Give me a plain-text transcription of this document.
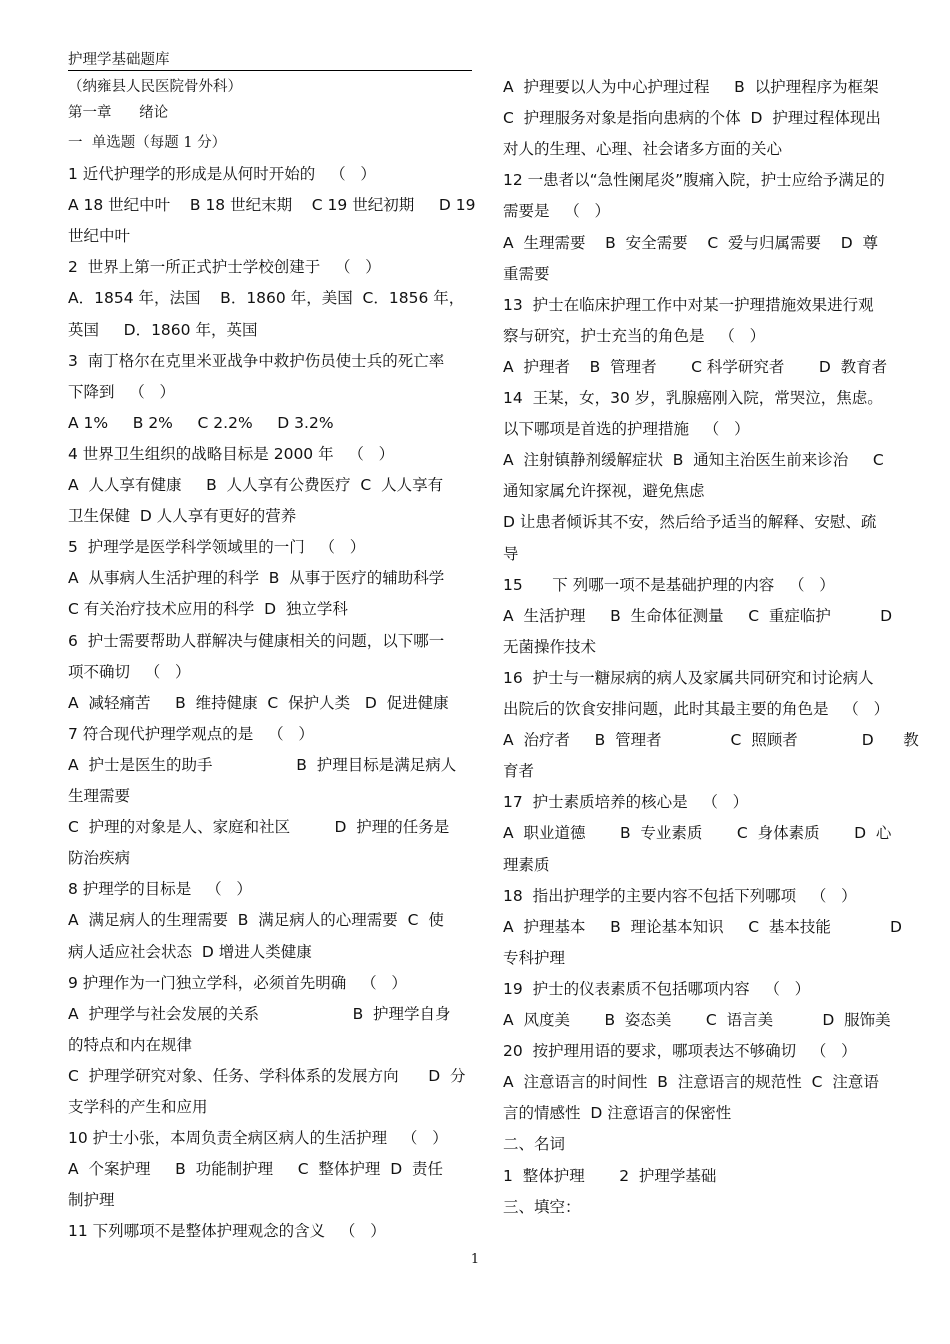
护理学基础题库
（纳雍县人民医院骨外科）
第一章      绪论
一  单选题（每题 1 分）
1 近代护理学的形成是从何时开始的   （   ）
A 18 世纪中叶    B 18 世纪末期    C 19 世纪初期     D 19
世纪中叶
2  世界上第一所正式护士学校创建于   （   ）
A．1854 年，法国    B．1860 年，美国  C．1856 年，
英国     D．1860 年，英国
3  南丁格尔在克里米亚战争中救护伤员使士兵的死亡率
下降到   （   ）
A 1%     B 2%     C 2.2%     D 3.2%
4 世界卫生组织的战略目标是 2000 年   （   ）
A  人人享有健康     B  人人享有公费医疗  C  人人享有
卫生保健  D 人人享有更好的营养
5  护理学是医学科学领域里的一门   （   ）
A  从事病人生活护理的科学  B  从事于医疗的辅助科学
C 有关治疗技术应用的科学  D  独立学科
6  护士需要帮助人群解决与健康相关的问题，以下哪一
项不确切   （   ）
A  减轻痛苦     B  维持健康  C  保护人类   D  促进健康
7 符合现代护理学观点的是   （   ）
A  护士是医生的助手                 B  护理目标是满足病人
生理需要
C  护理的对象是人、家庭和社区         D  护理的任务是
防治疾病
8 护理学的目标是   （   ）
A  满足病人的生理需要  B  满足病人的心理需要  C  使
病人适应社会状态  D 增进人类健康
9 护理作为一门独立学科，必须首先明确   （   ）
A  护理学与社会发展的关系                   B  护理学自身
的特点和内在规律
C  护理学研究对象、任务、学科体系的发展方向      D  分
支学科的产生和应用
10 护士小张，本周负责全病区病人的生活护理   （   ）
A  个案护理     B  功能制护理     C  整体护理  D  责任
制护理
11 下列哪项不是整体护理观念的含义   （   ）
A  护理要以人为中心护理过程     B  以护理程序为框架
C  护理服务对象是指向患病的个体  D  护理过程体现出
对人的生理、心理、社会诸多方面的关心
12 一患者以“急性阑尾炎”腹痛入院，护士应给予满足的
需要是   （   ）
A  生理需要    B  安全需要    C  爱与归属需要    D  尊
重需要
13  护士在临床护理工作中对某一护理措施效果进行观
察与研究，护士充当的角色是   （   ）
A  护理者    B  管理者       C 科学研究者       D  教育者
14  王某，女，30 岁，乳腺癌刚入院，常哭泣，焦虑。
以下哪项是首选的护理措施   （   ）
A  注射镇静剂缓解症状  B  通知主治医生前来诊治     C
通知家属允许探视，避免焦虑
D 让患者倾诉其不安，然后给予适当的解释、安慰、疏
导
15      下 列哪一项不是基础护理的内容   （   ）
A  生活护理     B  生命体征测量     C  重症临护          D
无菌操作技术
16  护士与一糖尿病的病人及家属共同研究和讨论病人
出院后的饮食安排问题，此时其最主要的角色是   （   ）
A  治疗者     B  管理者              C  照顾者             D      教
育者
17  护士素质培养的核心是   （   ）
A  职业道德       B  专业素质       C  身体素质       D  心
理素质
18  指出护理学的主要内容不包括下列哪项   （   ）
A  护理基本     B  理论基本知识     C  基本技能            D
专科护理
19  护士的仪表素质不包括哪项内容   （   ）
A  风度美       B  姿态美       C  语言美          D  服饰美
20  按护理用语的要求，哪项表达不够确切   （   ）
A  注意语言的时间性  B  注意语言的规范性  C  注意语
言的情感性  D 注意语言的保密性
二、名词
1  整体护理       2  护理学基础
三、填空：
1
